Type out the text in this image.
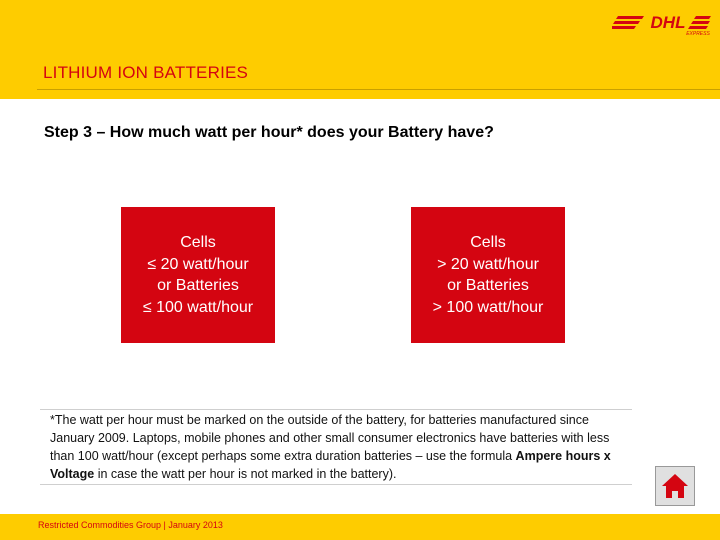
DHL
EXPRESS
LITHIUM ION BATTERIES
Step 3 – How much watt per hour* does your Battery have?
Cells
≤ 20 watt/hour
or Batteries
≤ 100 watt/hour
Cells
> 20 watt/hour
or Batteries
> 100 watt/hour

*The watt per hour must be marked on the outside of the battery, for batteries manufactured since January 2009. Laptops, mobile phones and other small consumer electronics have batteries with less than 100 watt/hour (except perhaps some extra duration batteries – use the formula Ampere hours x Voltage in case the watt per hour is not marked in the battery).

Restricted Commodities Group | January 2013
